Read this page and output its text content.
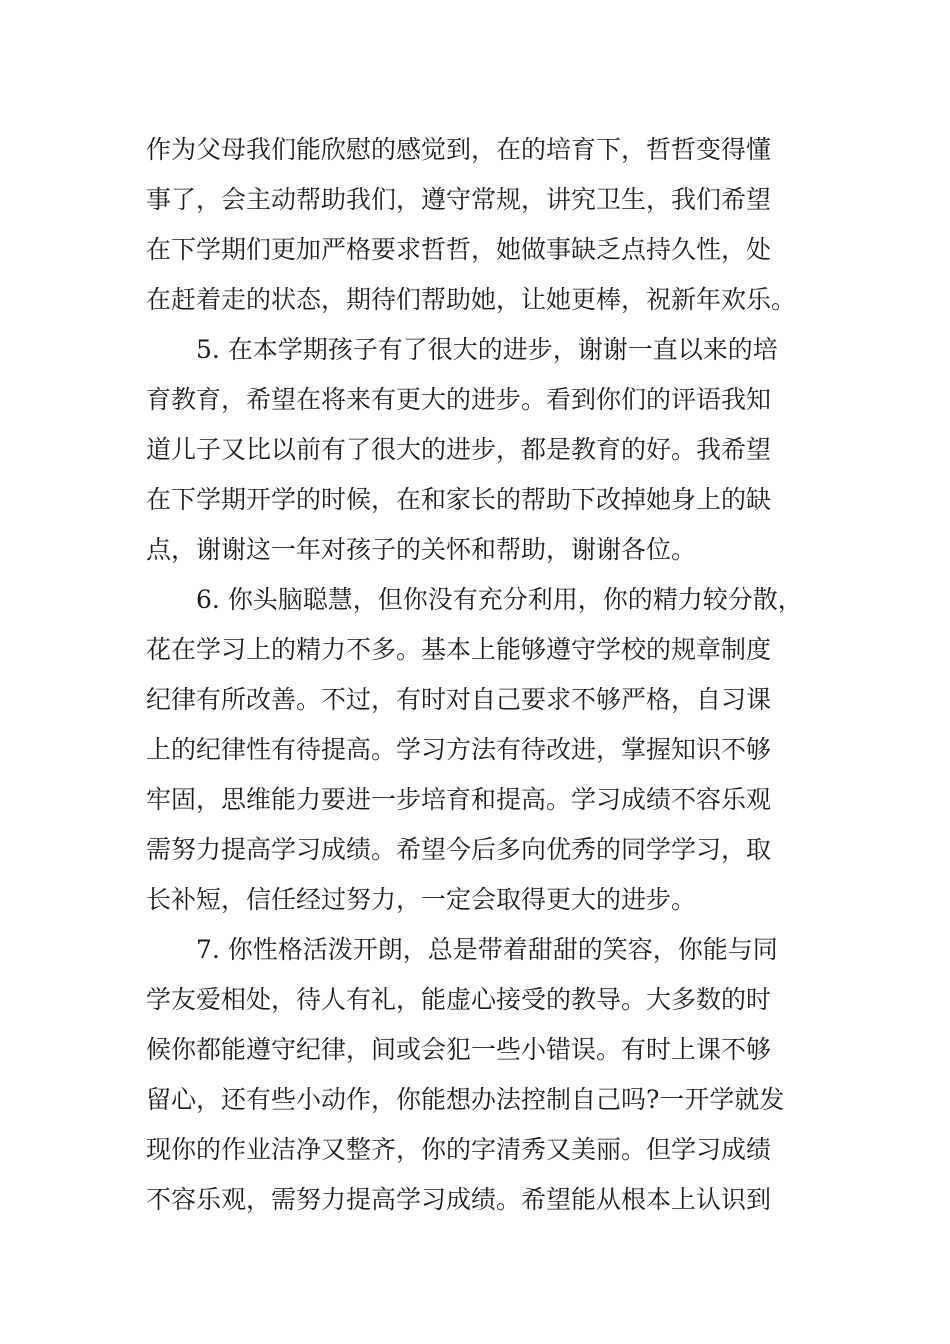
作为父母我们能欣慰的感觉到，在的培育下，哲哲变得懂
事了，会主动帮助我们，遵守常规，讲究卫生，我们希望
在下学期们更加严格要求哲哲，她做事缺乏点持久性，处
在赶着走的状态，期待们帮助她，让她更棒，祝新年欢乐。
5. 在本学期孩子有了很大的进步，谢谢一直以来的培
育教育，希望在将来有更大的进步。看到你们的评语我知
道儿子又比以前有了很大的进步，都是教育的好。我希望
在下学期开学的时候，在和家长的帮助下改掉她身上的缺
点，谢谢这一年对孩子的关怀和帮助，谢谢各位。
6. 你头脑聪慧，但你没有充分利用，你的精力较分散，
花在学习上的精力不多。基本上能够遵守学校的规章制度
纪律有所改善。不过，有时对自己要求不够严格，自习课
上的纪律性有待提高。学习方法有待改进，掌握知识不够
牢固，思维能力要进一步培育和提高。学习成绩不容乐观
需努力提高学习成绩。希望今后多向优秀的同学学习，取
长补短，信任经过努力，一定会取得更大的进步。
7. 你性格活泼开朗，总是带着甜甜的笑容，你能与同
学友爱相处，待人有礼，能虚心接受的教导。大多数的时
候你都能遵守纪律，间或会犯一些小错误。有时上课不够
留心，还有些小动作，你能想办法控制自己吗?一开学就发
现你的作业洁净又整齐，你的字清秀又美丽。但学习成绩
不容乐观，需努力提高学习成绩。希望能从根本上认识到
